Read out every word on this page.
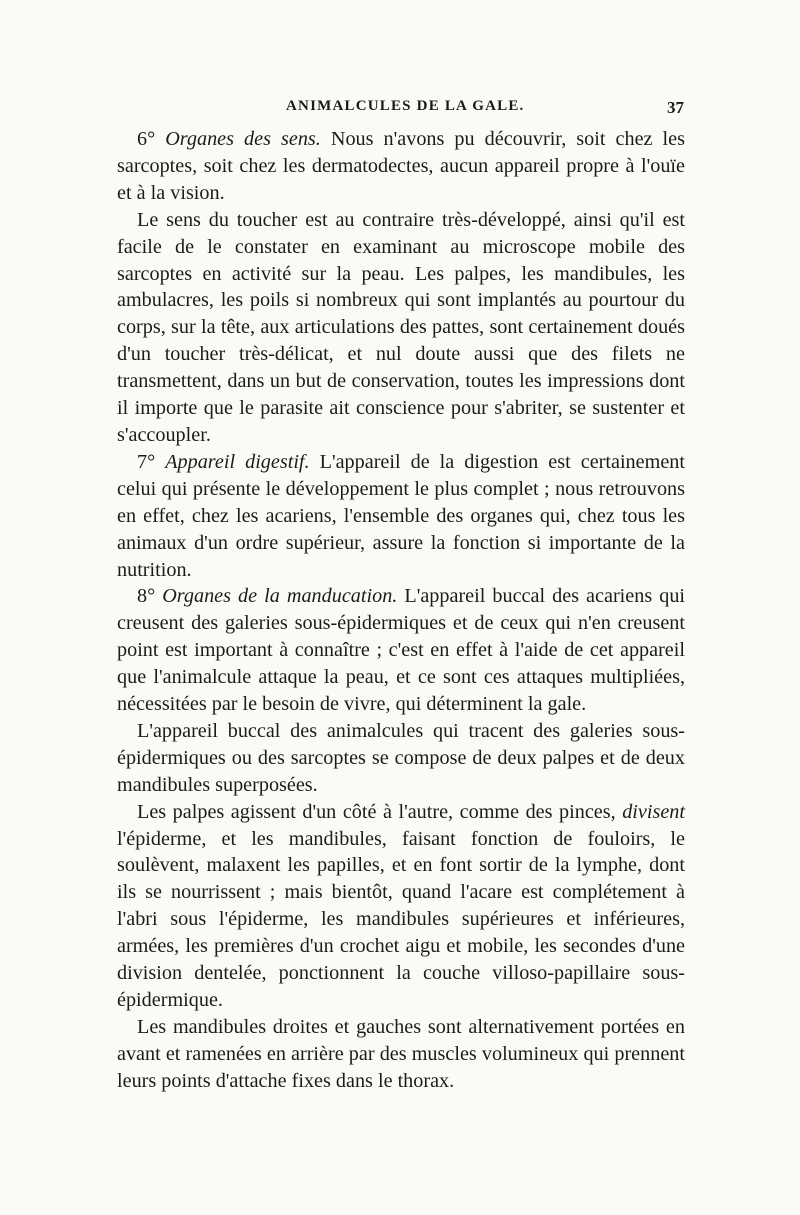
ANIMALCULES DE LA GALE.	37

6° Organes des sens. Nous n'avons pu découvrir, soit chez les sarcoptes, soit chez les dermatodectes, aucun appareil propre à l'ouïe et à la vision.

Le sens du toucher est au contraire très-développé, ainsi qu'il est facile de le constater en examinant au microscope mobile des sarcoptes en activité sur la peau. Les palpes, les mandibules, les ambulacres, les poils si nombreux qui sont implantés au pourtour du corps, sur la tête, aux articulations des pattes, sont certainement doués d'un toucher très-délicat, et nul doute aussi que des filets ne transmettent, dans un but de conservation, toutes les impressions dont il importe que le parasite ait conscience pour s'abriter, se sustenter et s'accoupler.

7° Appareil digestif. L'appareil de la digestion est certainement celui qui présente le développement le plus complet ; nous retrouvons en effet, chez les acariens, l'ensemble des organes qui, chez tous les animaux d'un ordre supérieur, assure la fonction si importante de la nutrition.

8° Organes de la manducation. L'appareil buccal des acariens qui creusent des galeries sous-épidermiques et de ceux qui n'en creusent point est important à connaître ; c'est en effet à l'aide de cet appareil que l'animalcule attaque la peau, et ce sont ces attaques multipliées, nécessitées par le besoin de vivre, qui déterminent la gale.

L'appareil buccal des animalcules qui tracent des galeries sous-épidermiques ou des sarcoptes se compose de deux palpes et de deux mandibules superposées.

Les palpes agissent d'un côté à l'autre, comme des pinces, divisent l'épiderme, et les mandibules, faisant fonction de fouloirs, le soulèvent, malaxent les papilles, et en font sortir de la lymphe, dont ils se nourrissent ; mais bientôt, quand l'acare est complétement à l'abri sous l'épiderme, les mandibules supérieures et inférieures, armées, les premières d'un crochet aigu et mobile, les secondes d'une division dentelée, ponctionnent la couche villoso-papillaire sous-épidermique.

Les mandibules droites et gauches sont alternativement portées en avant et ramenées en arrière par des muscles volumineux qui prennent leurs points d'attache fixes dans le thorax.
